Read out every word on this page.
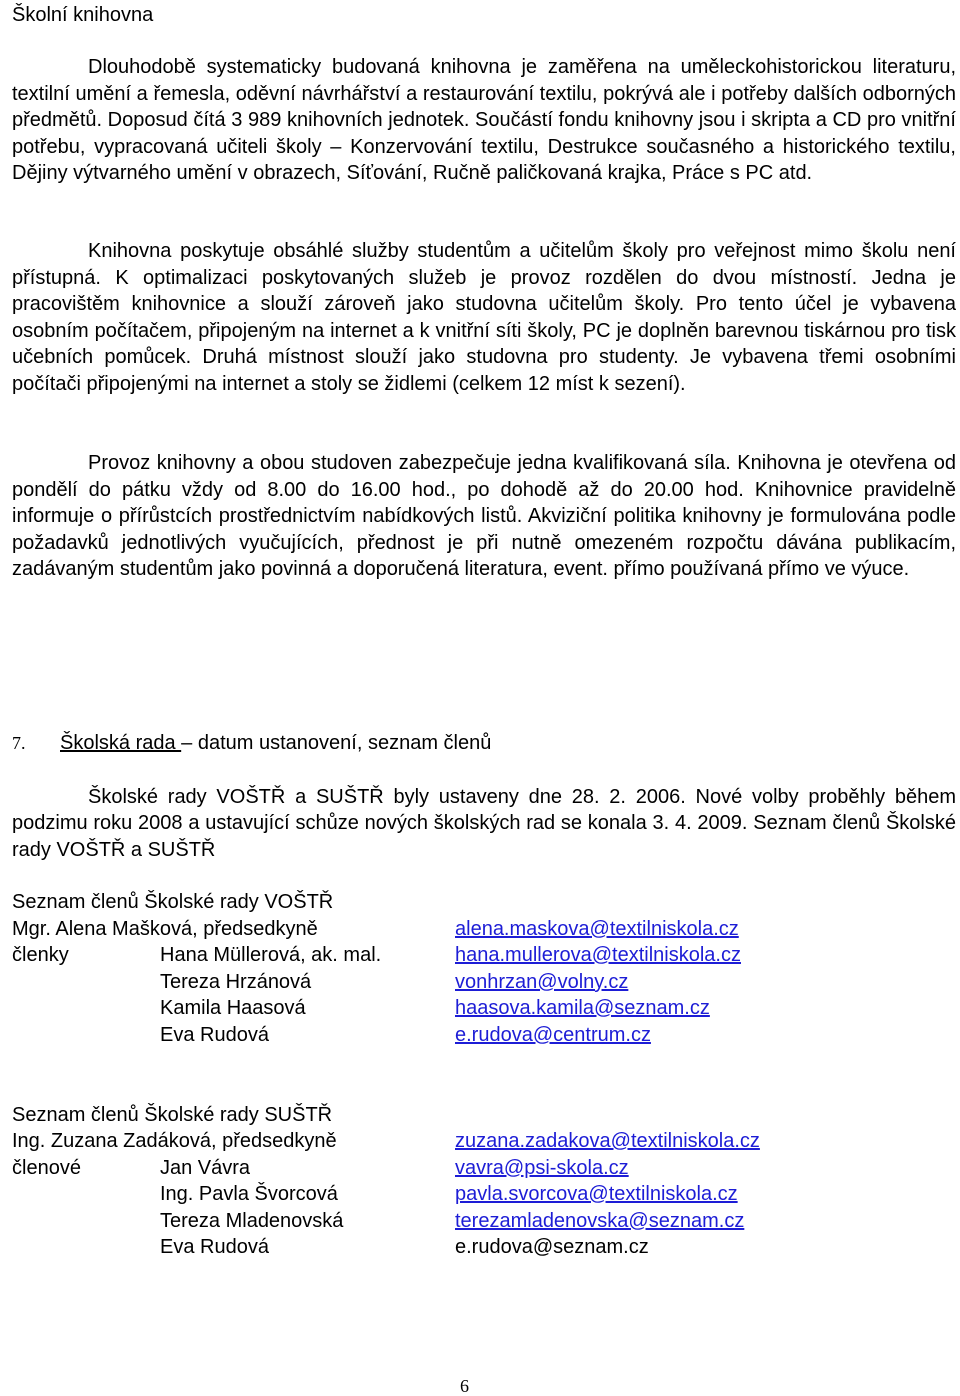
Školní knihovna

Dlouhodobě systematicky budovaná knihovna je zaměřena na uměleckohistorickou literaturu, textilní umění a řemesla, oděvní návrhářství a restaurování textilu, pokrývá ale i potřeby dalších odborných předmětů. Doposud čítá 3 989 knihovních jednotek. Součástí fondu knihovny jsou i skripta a CD pro vnitřní potřebu, vypracovaná učiteli školy – Konzervování textilu, Destrukce současného a historického textilu, Dějiny výtvarného umění v obrazech, Síťování, Ručně paličkovaná krajka, Práce s PC atd.

Knihovna poskytuje obsáhlé služby studentům a učitelům školy pro veřejnost mimo školu není přístupná. K optimalizaci poskytovaných služeb je provoz rozdělen do dvou místností. Jedna je pracovištěm knihovnice a slouží zároveň jako studovna učitelům školy. Pro tento účel je vybavena osobním počítačem, připojeným na internet a k vnitřní síti školy, PC je doplněn barevnou tiskárnou pro tisk učebních pomůcek. Druhá místnost slouží jako studovna pro studenty. Je vybavena třemi osobními počítači připojenými na internet a stoly se židlemi (celkem 12 míst k sezení).

Provoz knihovny a obou studoven zabezpečuje jedna kvalifikovaná síla. Knihovna je otevřena od pondělí do pátku vždy od 8.00 do 16.00 hod., po dohodě až do 20.00 hod. Knihovnice pravidelně informuje o přírůstcích prostřednictvím nabídkových listů. Akviziční politika knihovny je formulována podle požadavků jednotlivých vyučujících, přednost je při nutně omezeném rozpočtu dávána publikacím, zadávaným studentům jako povinná a doporučená literatura, event. přímo používaná přímo ve výuce.

7. Školská rada – datum ustanovení, seznam členů

Školské rady VOŠTŘ a SUŠTŘ byly ustaveny dne 28. 2. 2006. Nové volby proběhly během podzimu roku 2008 a ustavující schůze nových školských rad se konala 3. 4. 2009. Seznam členů Školské rady VOŠTŘ a SUŠTŘ

Seznam členů Školské rady VOŠTŘ
Mgr. Alena Mašková, předsedkyně	alena.maskova@textilniskola.cz
členky	Hana Müllerová, ak. mal.	hana.mullerova@textilniskola.cz
Tereza Hrzánová	vonhrzan@volny.cz
Kamila Haasová	haasova.kamila@seznam.cz
Eva Rudová	e.rudova@centrum.cz
Seznam členů Školské rady SUŠTŘ
Ing. Zuzana Zadáková, předsedkyně	zuzana.zadakova@textilniskola.cz
členové	Jan Vávra	vavra@psi-skola.cz
Ing. Pavla Švorcová	pavla.svorcova@textilniskola.cz
Tereza Mladenovská	terezamladenovska@seznam.cz
Eva Rudová	e.rudova@seznam.cz
6
